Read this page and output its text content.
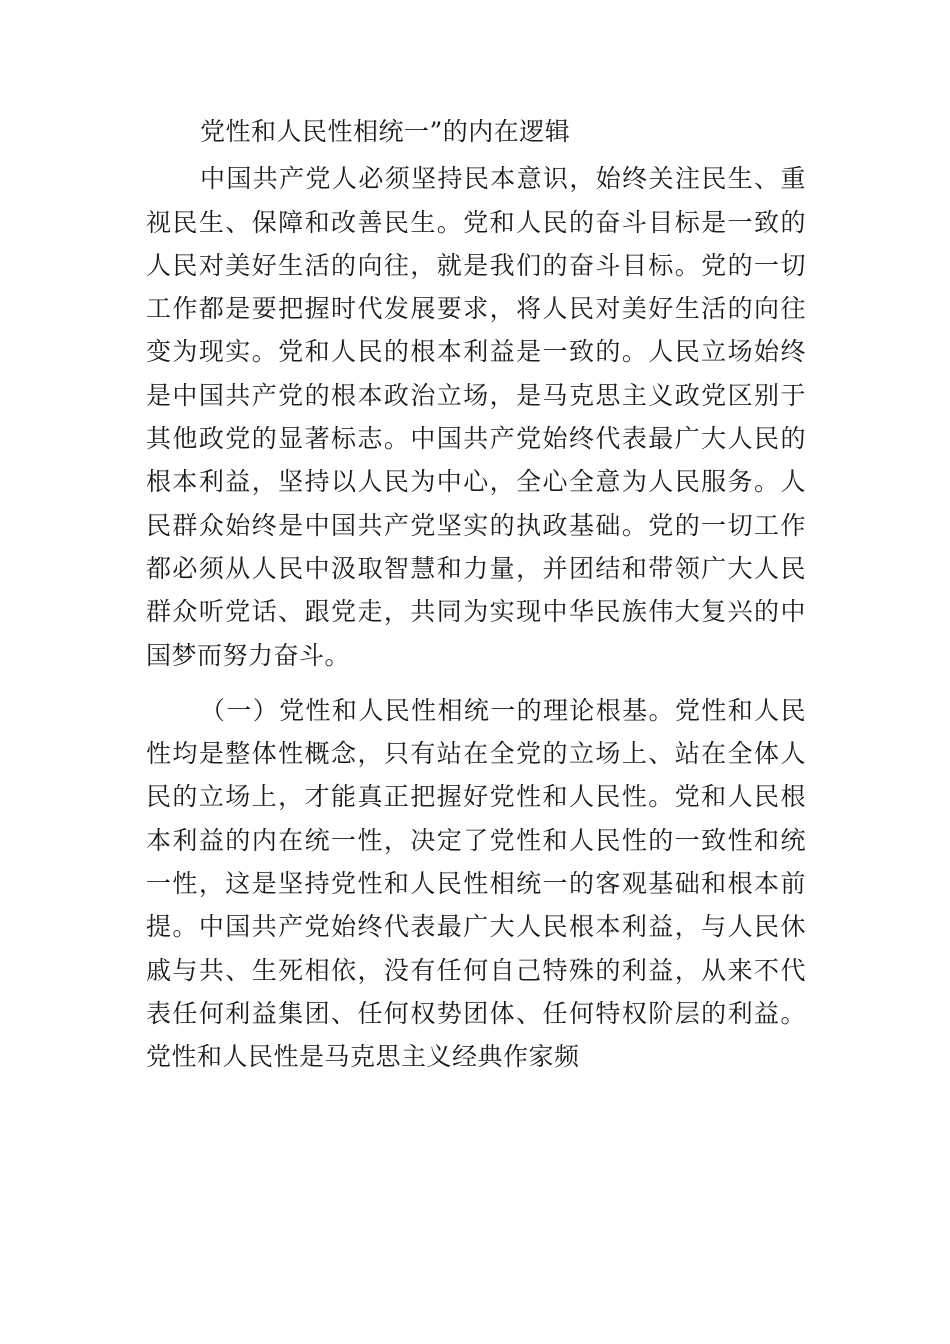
党性和人民性相统一”的内在逻辑
中国共产党人必须坚持民本意识，始终关注民生、重
视民生、保障和改善民生。党和人民的奋斗目标是一致的
人民对美好生活的向往，就是我们的奋斗目标。党的一切
工作都是要把握时代发展要求，将人民对美好生活的向往
变为现实。党和人民的根本利益是一致的。人民立场始终
是中国共产党的根本政治立场，是马克思主义政党区别于
其他政党的显著标志。中国共产党始终代表最广大人民的
根本利益，坚持以人民为中心，全心全意为人民服务。人
民群众始终是中国共产党坚实的执政基础。党的一切工作
都必须从人民中汲取智慧和力量，并团结和带领广大人民
群众听党话、跟党走，共同为实现中华民族伟大复兴的中
国梦而努力奋斗。
（一）党性和人民性相统一的理论根基。党性和人民
性均是整体性概念，只有站在全党的立场上、站在全体人
民的立场上，才能真正把握好党性和人民性。党和人民根
本利益的内在统一性，决定了党性和人民性的一致性和统
一性，这是坚持党性和人民性相统一的客观基础和根本前
提。中国共产党始终代表最广大人民根本利益，与人民休
戚与共、生死相依，没有任何自己特殊的利益，从来不代
表任何利益集团、任何权势团体、任何特权阶层的利益。
党性和人民性是马克思主义经典作家频
